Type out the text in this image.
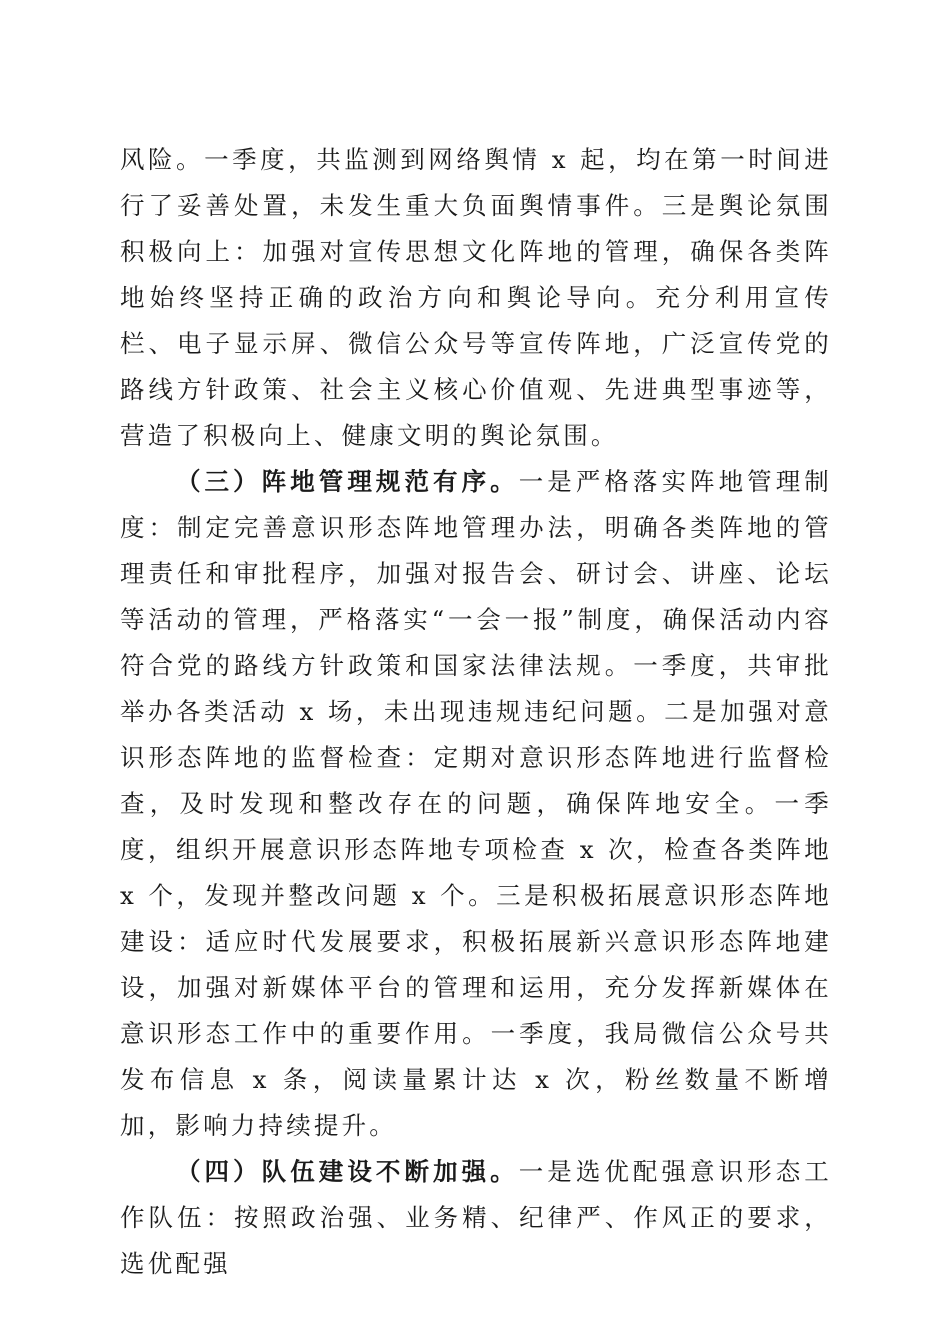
风险。一季度，共监测到网络舆情 x 起，均在第一时间进行了妥善处置，未发生重大负面舆情事件。三是舆论氛围积极向上：加强对宣传思想文化阵地的管理，确保各类阵地始终坚持正确的政治方向和舆论导向。充分利用宣传栏、电子显示屏、微信公众号等宣传阵地，广泛宣传党的路线方针政策、社会主义核心价值观、先进典型事迹等，营造了积极向上、健康文明的舆论氛围。

（三）阵地管理规范有序。一是严格落实阵地管理制度：制定完善意识形态阵地管理办法，明确各类阵地的管理责任和审批程序，加强对报告会、研讨会、讲座、论坛等活动的管理，严格落实“一会一报”制度，确保活动内容符合党的路线方针政策和国家法律法规。一季度，共审批举办各类活动 x 场，未出现违规违纪问题。二是加强对意识形态阵地的监督检查：定期对意识形态阵地进行监督检查，及时发现和整改存在的问题，确保阵地安全。一季度，组织开展意识形态阵地专项检查 x 次，检查各类阵地 x 个，发现并整改问题 x 个。三是积极拓展意识形态阵地建设：适应时代发展要求，积极拓展新兴意识形态阵地建设，加强对新媒体平台的管理和运用，充分发挥新媒体在意识形态工作中的重要作用。一季度，我局微信公众号共发布信息 x 条，阅读量累计达 x 次，粉丝数量不断增加，影响力持续提升。

（四）队伍建设不断加强。一是选优配强意识形态工作队伍：按照政治强、业务精、纪律严、作风正的要求，选优配强
